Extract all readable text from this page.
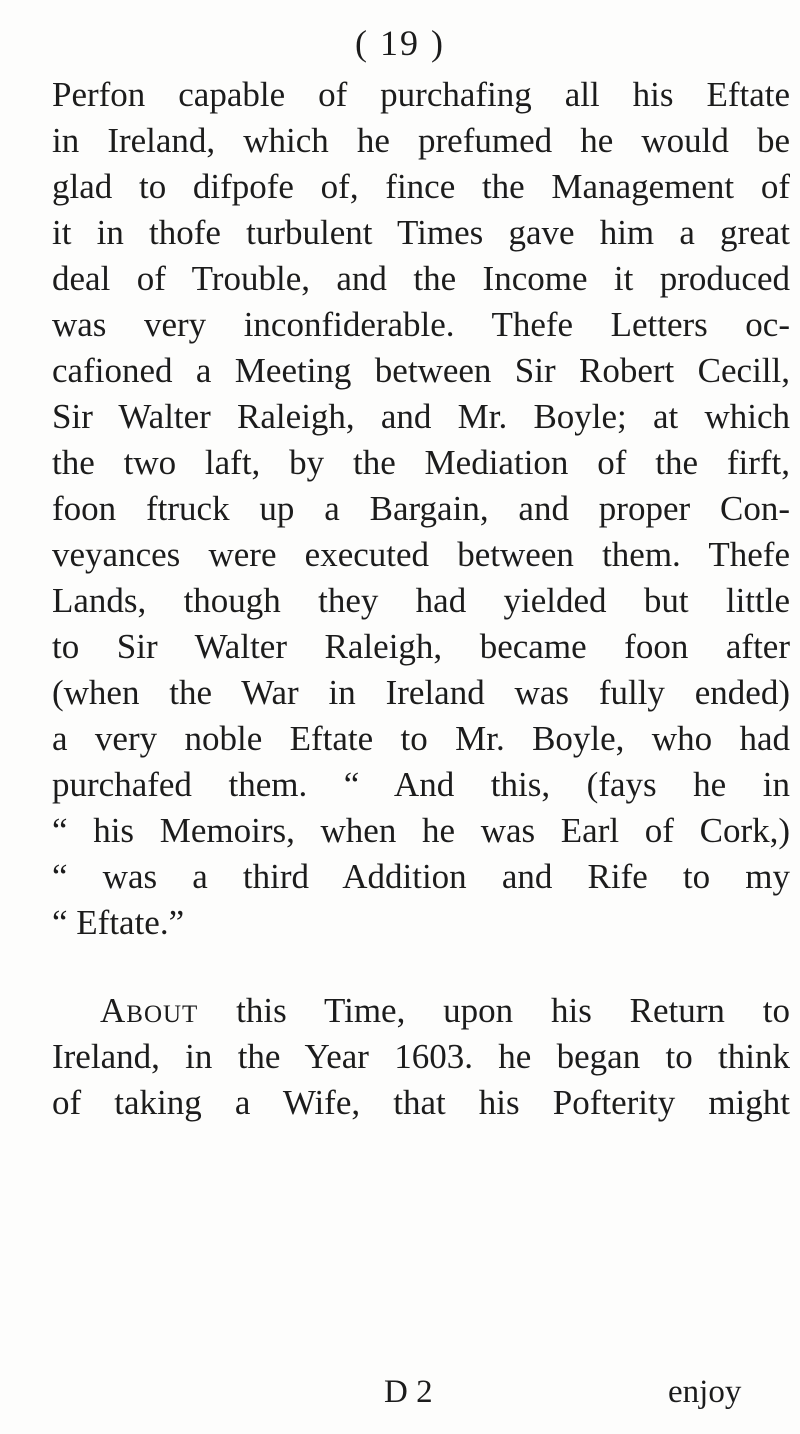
( 19 )
Perfon capable of purchafing all his Eftate
in Ireland, which he prefumed he would be
glad to difpofe of, fince the Management of
it in thofe turbulent Times gave him a great
deal of Trouble, and the Income it produced
was very inconfiderable. Thefe Letters oc-
cafioned a Meeting between Sir Robert Cecill,
Sir Walter Raleigh, and Mr. Boyle; at which
the two laft, by the Mediation of the firft,
foon ftruck up a Bargain, and proper Con-
veyances were executed between them. Thefe
Lands, though they had yielded but little
to Sir Walter Raleigh, became foon after
(when the War in Ireland was fully ended)
a very noble Eftate to Mr. Boyle, who had
purchafed them. “ And this, (fays he in
“ his Memoirs, when he was Earl of Cork,)
“ was a third Addition and Rife to my
“ Eftate.”
About this Time, upon his Return to
Ireland, in the Year 1603. he began to think
of taking a Wife, that his Pofterity might
D 2	enjoy
